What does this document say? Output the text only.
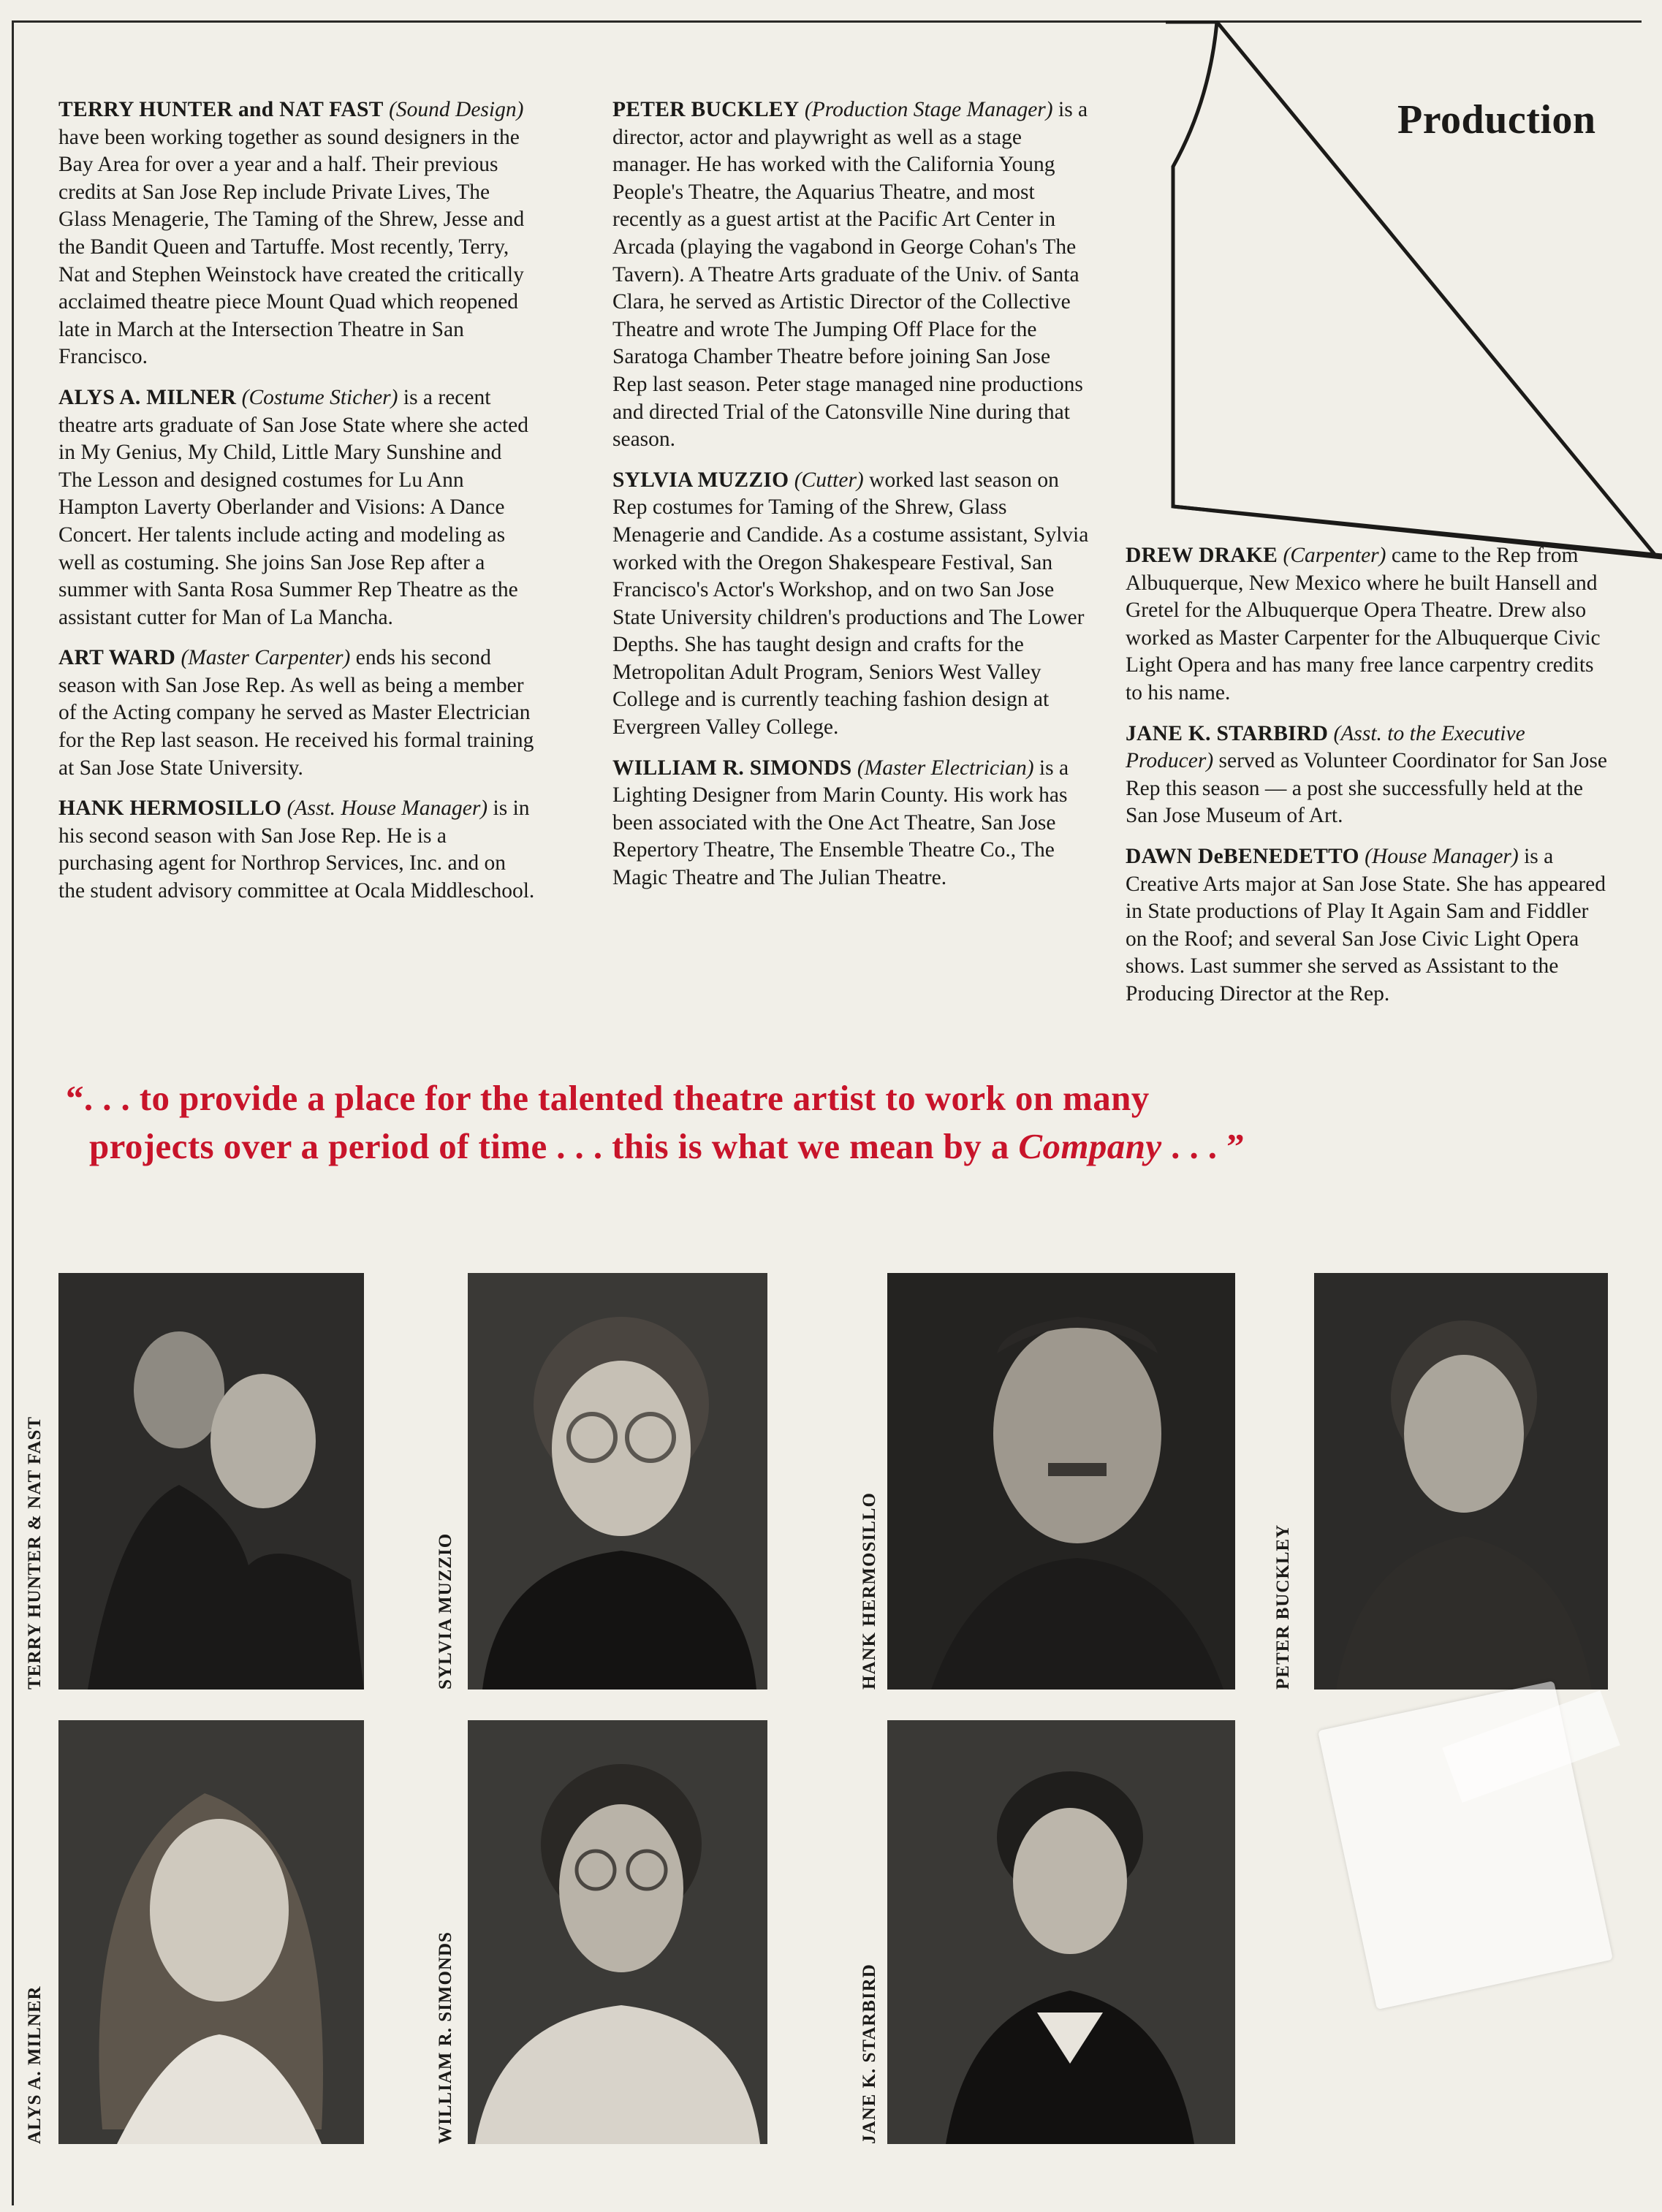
Production

TERRY HUNTER and NAT FAST (Sound Design) have been working together as sound designers in the Bay Area for over a year and a half. Their previous credits at San Jose Rep include Private Lives, The Glass Menagerie, The Taming of the Shrew, Jesse and the Bandit Queen and Tartuffe. Most recently, Terry, Nat and Stephen Weinstock have created the critically acclaimed theatre piece Mount Quad which reopened late in March at the Intersection Theatre in San Francisco.

ALYS A. MILNER (Costume Sticher) is a recent theatre arts graduate of San Jose State where she acted in My Genius, My Child, Little Mary Sunshine and The Lesson and designed costumes for Lu Ann Hampton Laverty Oberlander and Visions: A Dance Concert. Her talents include acting and modeling as well as costuming. She joins San Jose Rep after a summer with Santa Rosa Summer Rep Theatre as the assistant cutter for Man of La Mancha.

ART WARD (Master Carpenter) ends his second season with San Jose Rep. As well as being a member of the Acting company he served as Master Electrician for the Rep last season. He received his formal training at San Jose State University.

HANK HERMOSILLO (Asst. House Manager) is in his second season with San Jose Rep. He is a purchasing agent for Northrop Services, Inc. and on the student advisory committee at Ocala Middleschool.

PETER BUCKLEY (Production Stage Manager) is a director, actor and playwright as well as a stage manager. He has worked with the California Young People's Theatre, the Aquarius Theatre, and most recently as a guest artist at the Pacific Art Center in Arcada (playing the vagabond in George Cohan's The Tavern). A Theatre Arts graduate of the Univ. of Santa Clara, he served as Artistic Director of the Collective Theatre and wrote The Jumping Off Place for the Saratoga Chamber Theatre before joining San Jose Rep last season. Peter stage managed nine productions and directed Trial of the Catonsville Nine during that season.

SYLVIA MUZZIO (Cutter) worked last season on Rep costumes for Taming of the Shrew, Glass Menagerie and Candide. As a costume assistant, Sylvia worked with the Oregon Shakespeare Festival, San Francisco's Actor's Workshop, and on two San Jose State University children's productions and The Lower Depths. She has taught design and crafts for the Metropolitan Adult Program, Seniors West Valley College and is currently teaching fashion design at Evergreen Valley College.

WILLIAM R. SIMONDS (Master Electrician) is a Lighting Designer from Marin County. His work has been associated with the One Act Theatre, San Jose Repertory Theatre, The Ensemble Theatre Co., The Magic Theatre and The Julian Theatre.

DREW DRAKE (Carpenter) came to the Rep from Albuquerque, New Mexico where he built Hansell and Gretel for the Albuquerque Opera Theatre. Drew also worked as Master Carpenter for the Albuquerque Civic Light Opera and has many free lance carpentry credits to his name.

JANE K. STARBIRD (Asst. to the Executive Producer) served as Volunteer Coordinator for San Jose Rep this season — a post she successfully held at the San Jose Museum of Art.

DAWN DeBENEDETTO (House Manager) is a Creative Arts major at San Jose State. She has appeared in State productions of Play It Again Sam and Fiddler on the Roof; and several San Jose Civic Light Opera shows. Last summer she served as Assistant to the Producing Director at the Rep.

“. . . to provide a place for the talented theatre artist to work on many
projects over a period of time . . . this is what we mean by a Company . . . ”
TERRY HUNTER & NAT FAST	SYLVIA MUZZIO	HANK HERMOSILLO	PETER BUCKLEY
ALYS A. MILNER	WILLIAM R. SIMONDS	JANE K. STARBIRD
